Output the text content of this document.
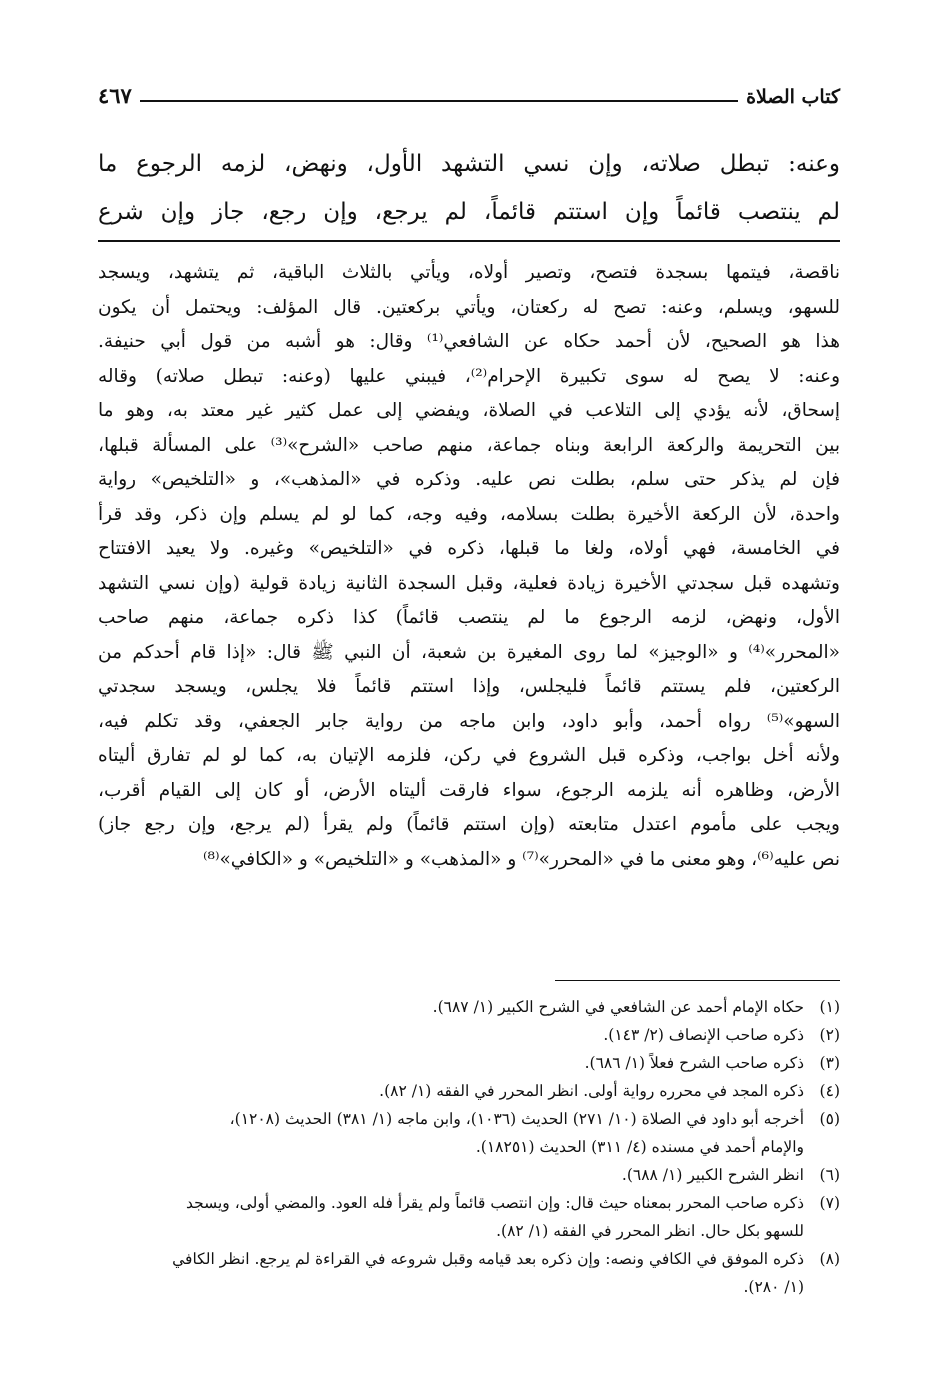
كتاب الصلاة
٤٦٧

وعنه: تبطل صلاته، وإن نسي التشهد الأول، ونهض، لزمه الرجوع ما

لم ينتصب قائماً وإن استتم قائماً، لم يرجع، وإن رجع، جاز وإن شرع

ناقصة، فيتمها بسجدة فتصح، وتصير أولاه، ويأتي بالثلاث الباقية، ثم يتشهد، ويسجد

للسهو، ويسلم، وعنه: تصح له ركعتان، ويأتي بركعتين. قال المؤلف: ويحتمل أن يكون

هذا هو الصحيح، لأن أحمد حكاه عن الشافعي⁽¹⁾ وقال: هو أشبه من قول أبي حنيفة.

وعنه: لا يصح له سوى تكبيرة الإحرام⁽²⁾، فيبني عليها (وعنه: تبطل صلاته) وقاله

إسحاق، لأنه يؤدي إلى التلاعب في الصلاة، ويفضي إلى عمل كثير غير معتد به، وهو ما

بين التحريمة والركعة الرابعة وبناه جماعة، منهم صاحب «الشرح»⁽³⁾ على المسألة قبلها،

فإن لم يذكر حتى سلم، بطلت نص عليه. وذكره في «المذهب»، و «التلخيص» رواية

واحدة، لأن الركعة الأخيرة بطلت بسلامه، وفيه وجه، كما لو لم يسلم وإن ذكر، وقد قرأ

في الخامسة، فهي أولاه، ولغا ما قبلها، ذكره في «التلخيص» وغيره. ولا يعيد الافتتاح

وتشهده قبل سجدتي الأخيرة زيادة فعلية، وقبل السجدة الثانية زيادة قولية (وإن نسي التشهد

الأول، ونهض، لزمه الرجوع ما لم ينتصب قائماً) كذا ذكره جماعة، منهم صاحب

«المحرر»⁽⁴⁾ و «الوجيز» لما روى المغيرة بن شعبة، أن النبي ﷺ قال: «إذا قام أحدكم من

الركعتين، فلم يستتم قائماً فليجلس، وإذا استتم قائماً فلا يجلس، ويسجد سجدتي

السهو»⁽⁵⁾ رواه أحمد، وأبو داود، وابن ماجه من رواية جابر الجعفي، وقد تكلم فيه،

ولأنه أخل بواجب، وذكره قبل الشروع في ركن، فلزمه الإتيان به، كما لو لم تفارق أليتاه

الأرض، وظاهره أنه يلزمه الرجوع، سواء فارقت أليتاه الأرض، أو كان إلى القيام أقرب،

ويجب على مأموم اعتدل متابعته (وإن استتم قائماً) ولم يقرأ (لم يرجع، وإن رجع جاز)

نص عليه⁽⁶⁾، وهو معنى ما في «المحرر»⁽⁷⁾ و «المذهب» و «التلخيص» و «الكافي»⁽⁸⁾

(١)
حكاه الإمام أحمد عن الشافعي في الشرح الكبير (١/ ٦٨٧).
(٢)
ذكره صاحب الإنصاف (٢/ ١٤٣).
(٣)
ذكره صاحب الشرح فعلاً (١/ ٦٨٦).
(٤)
ذكره المجد في محرره رواية أولى. انظر المحرر في الفقه (١/ ٨٢).
(٥)
أخرجه أبو داود في الصلاة (١٠/ ٢٧١) الحديث (١٠٣٦)، وابن ماجه (١/ ٣٨١) الحديث (١٢٠٨)،
والإمام أحمد في مسنده (٤/ ٣١١) الحديث (١٨٢٥١).
(٦)
انظر الشرح الكبير (١/ ٦٨٨).
(٧)
ذكره صاحب المحرر بمعناه حيث قال: وإن انتصب قائماً ولم يقرأ فله العود. والمضي أولى، ويسجد
للسهو بكل حال. انظر المحرر في الفقه (١/ ٨٢).
(٨)
ذكره الموفق في الكافي ونصه: وإن ذكره بعد قيامه وقبل شروعه في القراءة لم يرجع. انظر الكافي
(١/ ٢٨٠).
